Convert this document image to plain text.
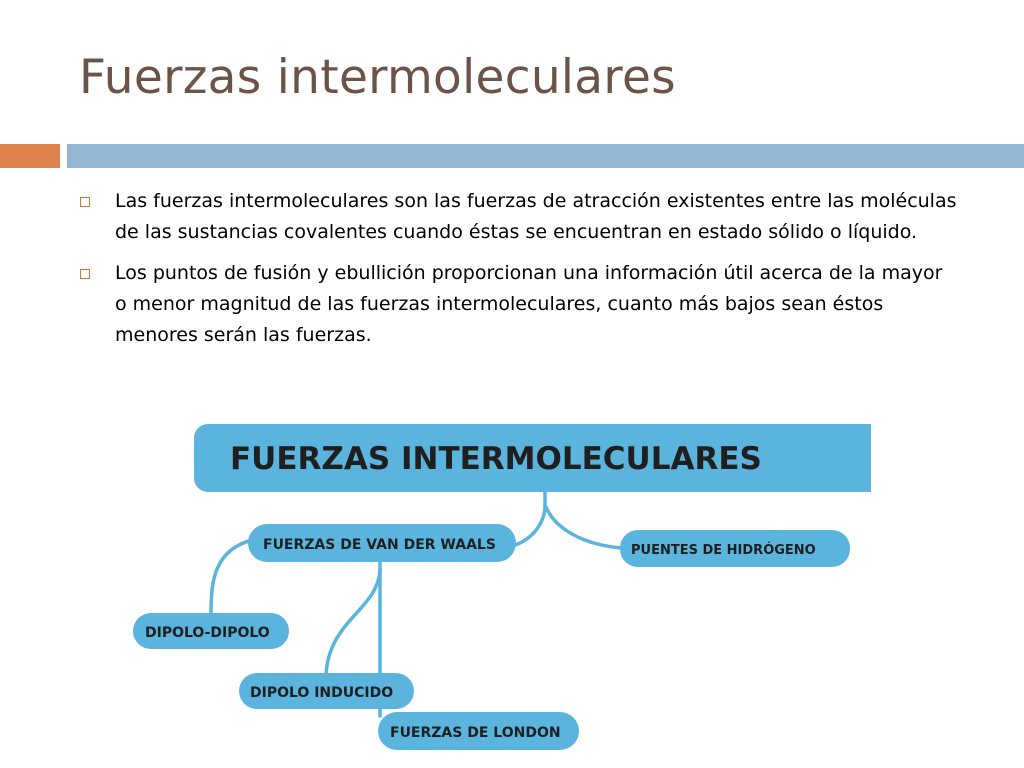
Fuerzas intermoleculares
Las fuerzas intermoleculares son las fuerzas de atracción existentes entre las moléculas de las sustancias covalentes cuando éstas se encuentran en estado sólido o líquido.
Los puntos de fusión y ebullición proporcionan una información útil acerca de la mayor o menor magnitud de las fuerzas intermoleculares, cuanto más bajos sean éstos menores serán las fuerzas.
FUERZAS INTERMOLECULARES
FUERZAS DE VAN DER WAALS	PUENTES DE HIDRÓGENO
DIPOLO-DIPOLO
DIPOLO INDUCIDO
FUERZAS DE LONDON
